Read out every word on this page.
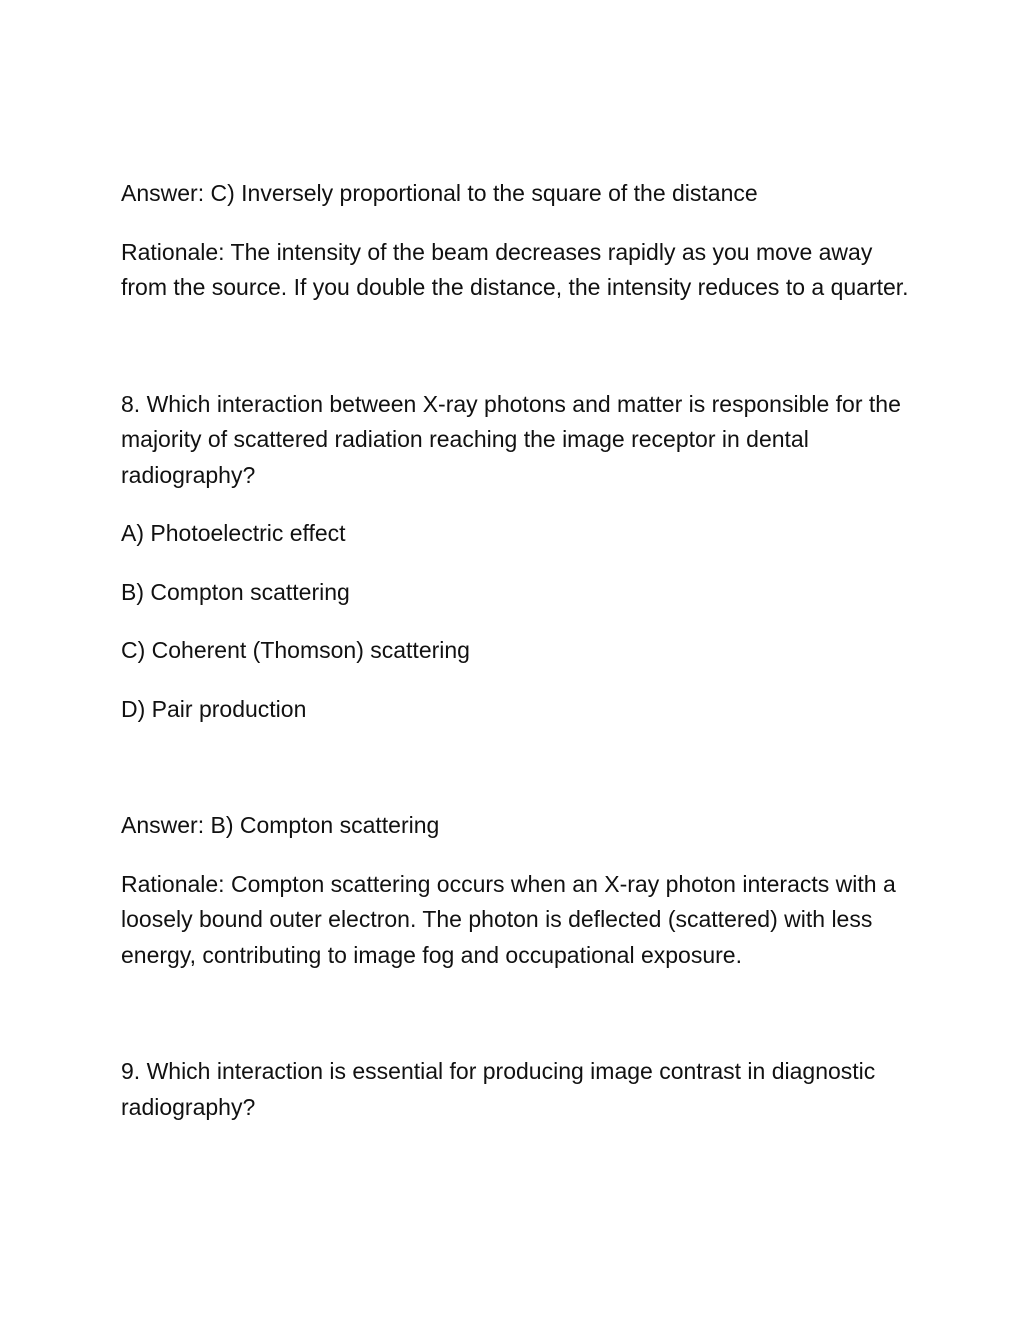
Answer: C) Inversely proportional to the square of the distance

Rationale: The intensity of the beam decreases rapidly as you move away from the source. If you double the distance, the intensity reduces to a quarter.

8. Which interaction between X-ray photons and matter is responsible for the majority of scattered radiation reaching the image receptor in dental radiography?

A) Photoelectric effect

B) Compton scattering

C) Coherent (Thomson) scattering

D) Pair production

Answer: B) Compton scattering

Rationale: Compton scattering occurs when an X-ray photon interacts with a loosely bound outer electron. The photon is deflected (scattered) with less energy, contributing to image fog and occupational exposure.

9. Which interaction is essential for producing image contrast in diagnostic radiography?
